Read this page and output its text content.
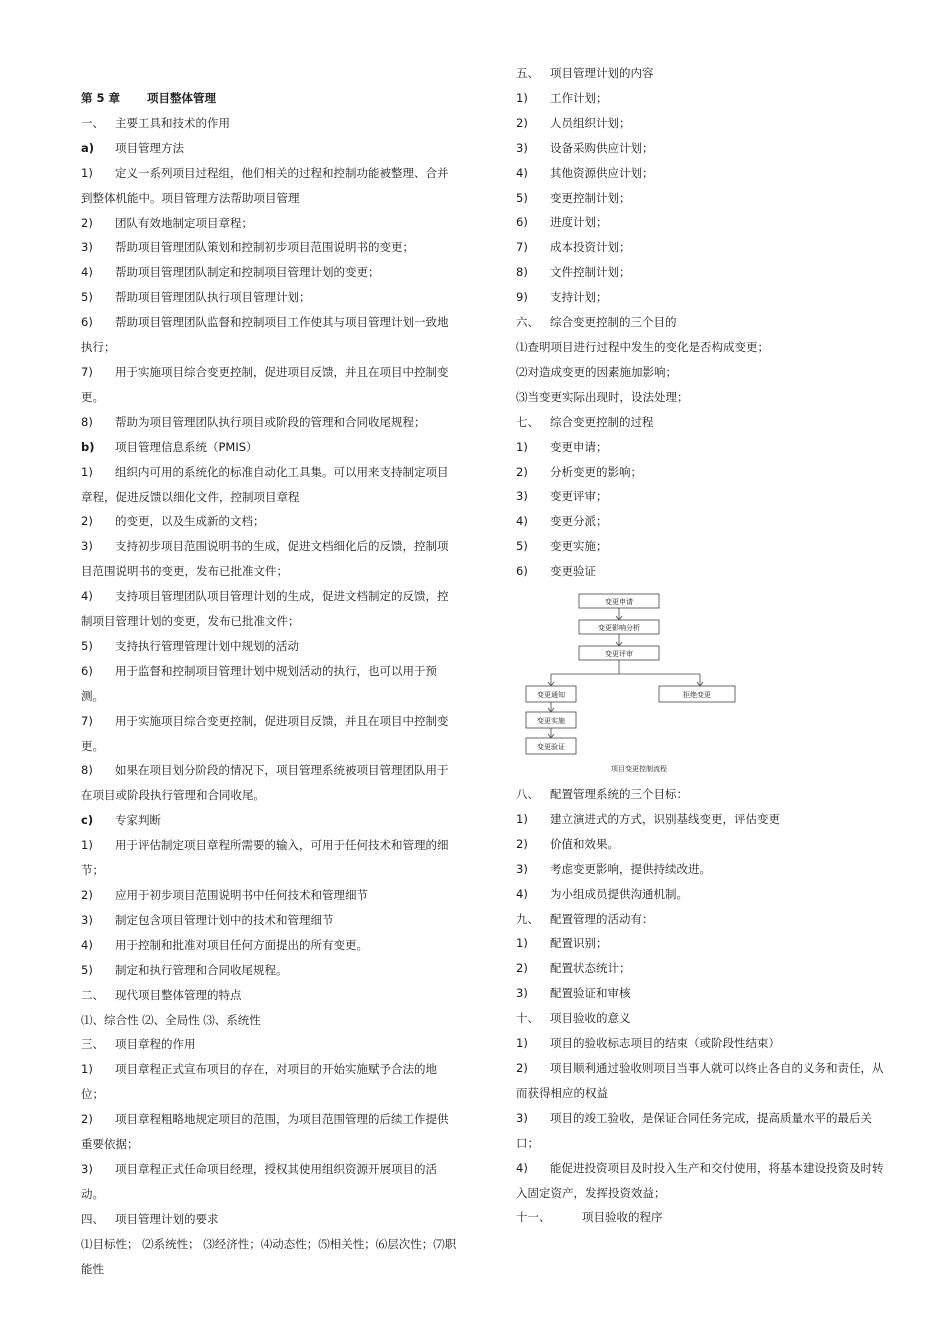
第 5 章 项目整体管理
一、 主要工具和技术的作用
a) 项目管理方法
1) 定义一系列项目过程组，他们相关的过程和控制功能被整理、合并到整体机能中。项目管理方法帮助项目管理
2) 团队有效地制定项目章程；
3) 帮助项目管理团队策划和控制初步项目范围说明书的变更；
4) 帮助项目管理团队制定和控制项目管理计划的变更；
5) 帮助项目管理团队执行项目管理计划；
6) 帮助项目管理团队监督和控制项目工作使其与项目管理计划一致地执行；
7) 用于实施项目综合变更控制，促进项目反馈，并且在项目中控制变更。
8) 帮助为项目管理团队执行项目或阶段的管理和合同收尾规程；
b) 项目管理信息系统（PMIS）
1) 组织内可用的系统化的标准自动化工具集。可以用来支持制定项目章程，促进反馈以细化文件，控制项目章程
2) 的变更，以及生成新的文档；
3) 支持初步项目范围说明书的生成，促进文档细化后的反馈，控制项目范围说明书的变更，发布已批准文件；
4) 支持项目管理团队项目管理计划的生成，促进文档制定的反馈，控制项目管理计划的变更，发布已批准文件；
5) 支持执行管理管理计划中规划的活动
6) 用于监督和控制项目管理计划中规划活动的执行，也可以用于预测。
7) 用于实施项目综合变更控制，促进项目反馈，并且在项目中控制变更。
8) 如果在项目划分阶段的情况下，项目管理系统被项目管理团队用于在项目或阶段执行管理和合同收尾。
c) 专家判断
1) 用于评估制定项目章程所需要的输入，可用于任何技术和管理的细节；
2) 应用于初步项目范围说明书中任何技术和管理细节
3) 制定包含项目管理计划中的技术和管理细节
4) 用于控制和批准对项目任何方面提出的所有变更。
5) 制定和执行管理和合同收尾规程。
二、 现代项目整体管理的特点
⑴、综合性 ⑵、全局性 ⑶、系统性
三、 项目章程的作用
1) 项目章程正式宣布项目的存在，对项目的开始实施赋予合法的地位；
2) 项目章程粗略地规定项目的范围，为项目范围管理的后续工作提供重要依据；
3) 项目章程正式任命项目经理，授权其使用组织资源开展项目的活动。
四、 项目管理计划的要求
⑴目标性； ⑵系统性； ⑶经济性；⑷动态性；⑸相关性；⑹层次性；⑺职能性
五、 项目管理计划的内容
1) 工作计划；
2) 人员组织计划；
3) 设备采购供应计划；
4) 其他资源供应计划；
5) 变更控制计划；
6) 进度计划；
7) 成本投资计划；
8) 文件控制计划；
9) 支持计划；
六、 综合变更控制的三个目的
⑴查明项目进行过程中发生的变化是否构成变更；
⑵对造成变更的因素施加影响；
⑶当变更实际出现时，设法处理；
七、 综合变更控制的过程
1) 变更申请；
2) 分析变更的影响；
3) 变更评审；
4) 变更分派；
5) 变更实施；
6) 变更验证
变更申请
变更影响分析
变更评审
变更通知	拒绝变更
变更实施
变更验证
项目变更控制流程
八、 配置管理系统的三个目标：
1) 建立演进式的方式，识别基线变更，评估变更
2) 价值和效果。
3) 考虑变更影响，提供持续改进。
4) 为小组成员提供沟通机制。
九、 配置管理的活动有：
1) 配置识别；
2) 配置状态统计；
3) 配置验证和审核
十、 项目验收的意义
1) 项目的验收标志项目的结束（或阶段性结束）
2) 项目顺利通过验收则项目当事人就可以终止各自的义务和责任，从而获得相应的权益
3) 项目的竣工验收，是保证合同任务完成，提高质量水平的最后关口；
4) 能促进投资项目及时投入生产和交付使用，将基本建设投资及时转入固定资产，发挥投资效益；
十一、	项目验收的程序
